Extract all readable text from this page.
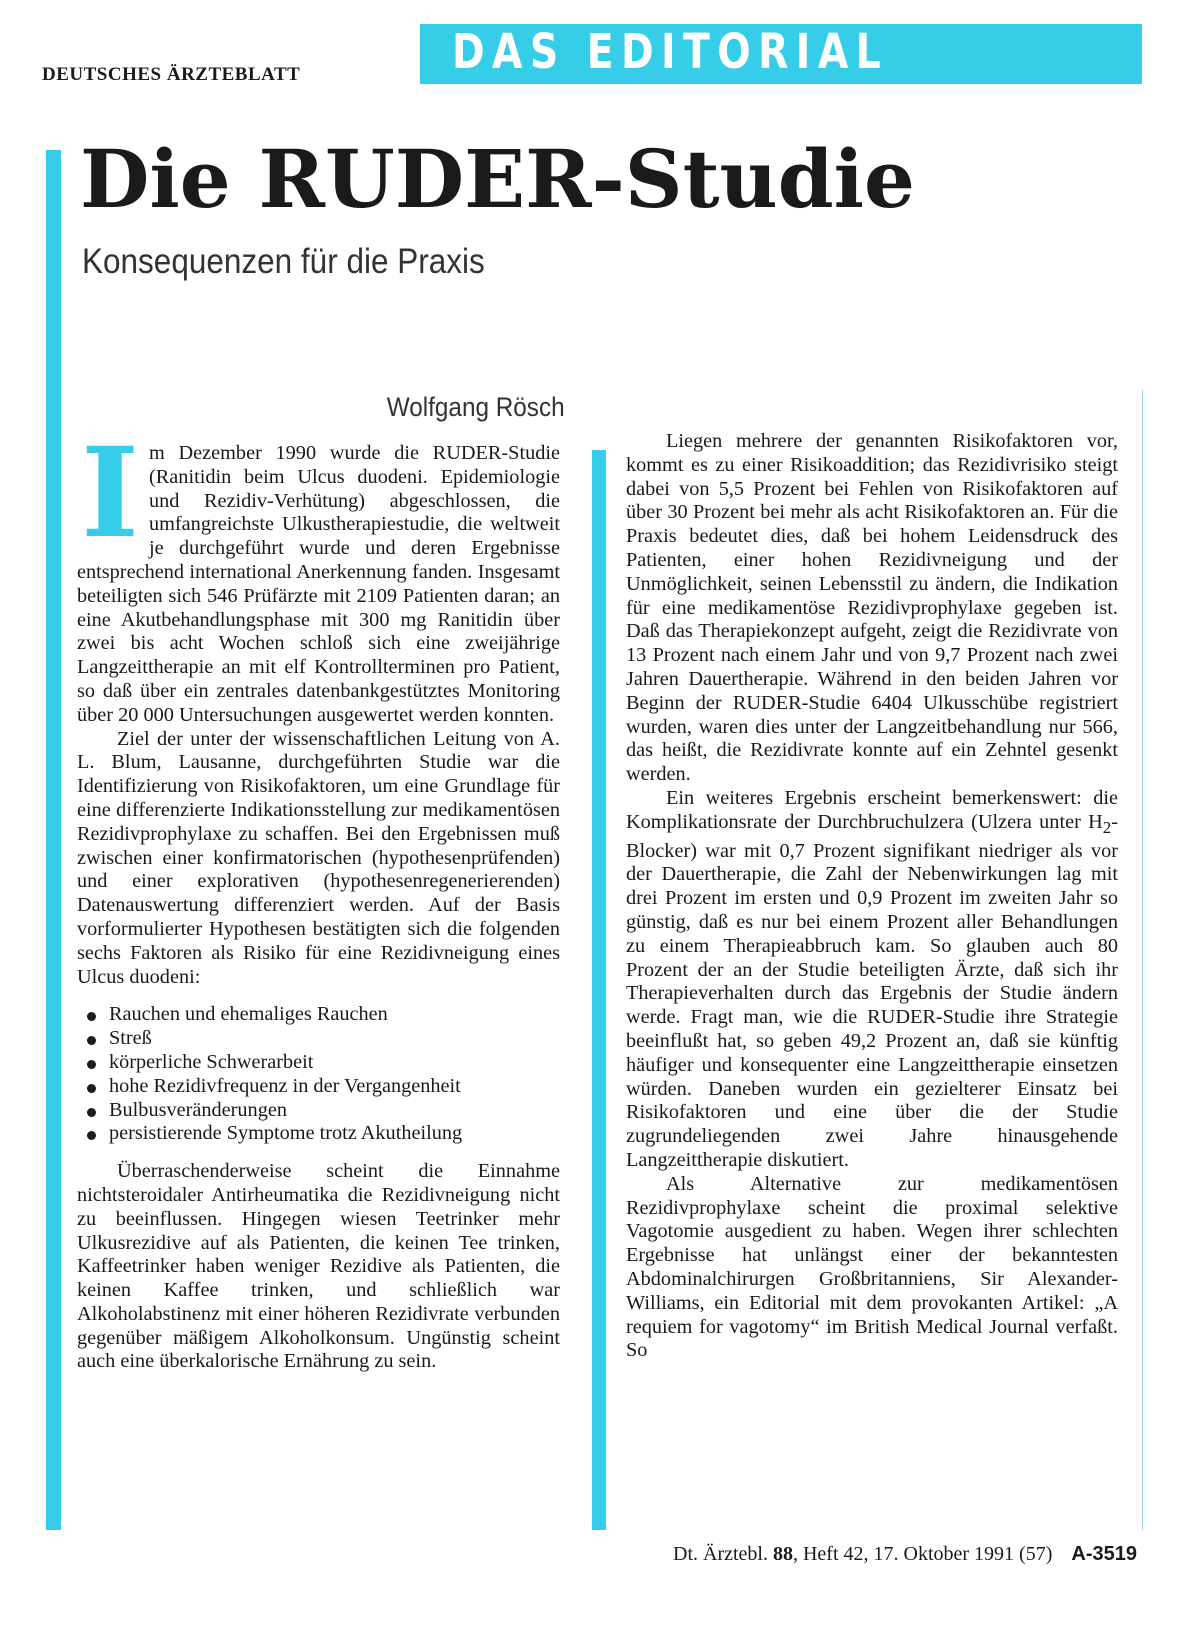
DEUTSCHES ÄRZTEBLATT	DAS EDITORIAL
Die RUDER-Studie
Konsequenzen für die Praxis
Wolfgang Rösch

I m Dezember 1990 wurde die RUDER-Studie (Ranitidin beim Ulcus duodeni. Epidemiologie und Rezidiv-Verhütung) abgeschlossen, die umfangreichste Ulkustherapiestudie, die weltweit je durchgeführt wurde und deren Ergebnisse entsprechend international Anerkennung fanden. Insgesamt beteiligten sich 546 Prüfärzte mit 2109 Patienten daran; an eine Akutbehandlungsphase mit 300 mg Ranitidin über zwei bis acht Wochen schloß sich eine zweijährige Langzeittherapie an mit elf Kontrollterminen pro Patient, so daß über ein zentrales datenbankgestütztes Monitoring über 20 000 Untersuchungen ausgewertet werden konnten.

Ziel der unter der wissenschaftlichen Leitung von A. L. Blum, Lausanne, durchgeführten Studie war die Identifizierung von Risikofaktoren, um eine Grundlage für eine differenzierte Indikationsstellung zur medikamentösen Rezidivprophylaxe zu schaffen. Bei den Ergebnissen muß zwischen einer konfirmatorischen (hypothesenprüfenden) und einer explorativen (hypothesenregenerierenden) Datenauswertung differenziert werden. Auf der Basis vorformulierter Hypothesen bestätigten sich die folgenden sechs Faktoren als Risiko für eine Rezidivneigung eines Ulcus duodeni:

Rauchen und ehemaliges Rauchen
Streß
körperliche Schwerarbeit
hohe Rezidivfrequenz in der Vergangenheit
Bulbusveränderungen
persistierende Symptome trotz Akutheilung

Überraschenderweise scheint die Einnahme nichtsteroidaler Antirheumatika die Rezidivneigung nicht zu beeinflussen. Hingegen wiesen Teetrinker mehr Ulkusrezidive auf als Patienten, die keinen Tee trinken, Kaffeetrinker haben weniger Rezidive als Patienten, die keinen Kaffee trinken, und schließlich war Alkoholabstinenz mit einer höheren Rezidivrate verbunden gegenüber mäßigem Alkoholkonsum. Ungünstig scheint auch eine überkalorische Ernährung zu sein.

Liegen mehrere der genannten Risikofaktoren vor, kommt es zu einer Risikoaddition; das Rezidivrisiko steigt dabei von 5,5 Prozent bei Fehlen von Risikofaktoren auf über 30 Prozent bei mehr als acht Risikofaktoren an. Für die Praxis bedeutet dies, daß bei hohem Leidensdruck des Patienten, einer hohen Rezidivneigung und der Unmöglichkeit, seinen Lebensstil zu ändern, die Indikation für eine medikamentöse Rezidivprophylaxe gegeben ist. Daß das Therapiekonzept aufgeht, zeigt die Rezidivrate von 13 Prozent nach einem Jahr und von 9,7 Prozent nach zwei Jahren Dauertherapie. Während in den beiden Jahren vor Beginn der RUDER-Studie 6404 Ulkusschübe registriert wurden, waren dies unter der Langzeitbehandlung nur 566, das heißt, die Rezidivrate konnte auf ein Zehntel gesenkt werden.

Ein weiteres Ergebnis erscheint bemerkenswert: die Komplikationsrate der Durchbruchulzera (Ulzera unter $H_2-Blocker$) war mit 0,7 Prozent signifikant niedriger als vor der Dauertherapie, die Zahl der Nebenwirkungen lag mit drei Prozent im ersten und 0,9 Prozent im zweiten Jahr so günstig, daß es nur bei einem Prozent aller Behandlungen zu einem Therapieabbruch kam. So glauben auch 80 Prozent der an der Studie beteiligten Ärzte, daß sich ihr Therapieverhalten durch das Ergebnis der Studie ändern werde. Fragt man, wie die RUDER-Studie ihre Strategie beeinflußt hat, so geben 49,2 Prozent an, daß sie künftig häufiger und konsequenter eine Langzeittherapie einsetzen würden. Daneben wurden ein gezielterer Einsatz bei Risikofaktoren und eine über die der Studie zugrundeliegenden zwei Jahre hinausgehende Langzeittherapie diskutiert.

Als Alternative zur medikamentösen Rezidivprophylaxe scheint die proximal selektive Vagotomie ausgedient zu haben. Wegen ihrer schlechten Ergebnisse hat unlängst einer der bekanntesten Abdominalchirurgen Großbritanniens, Sir Alexander-Williams, ein Editorial mit dem provokanten Artikel: „A requiem for vagotomy“ im British Medical Journal verfaßt. So

Dt. Ärztebl. 88, Heft 42, 17. Oktober 1991 (57) A-3519
